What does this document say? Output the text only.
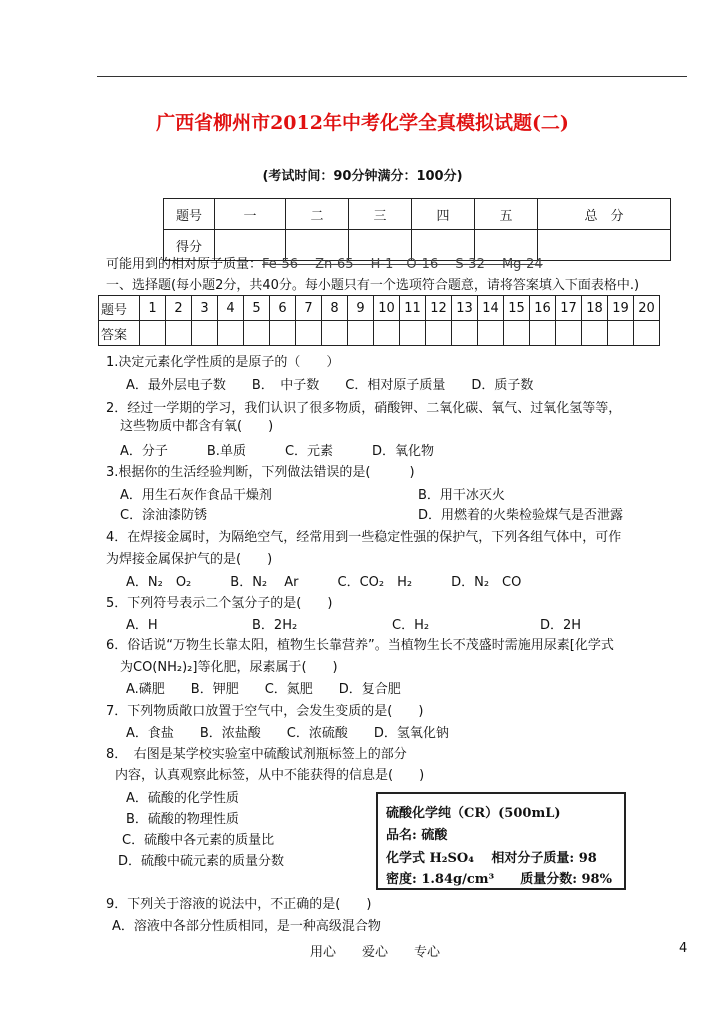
广西省柳州市2012年中考化学全真模拟试题(二)
(考试时间：90分钟满分：100分)
题号	一	二	三	四	五	总　分
得分						
可能用到的相对原子质量：Fe-56　 Zn-65　 H-1　O-16　 S-32　 Mg-24
一、选择题(每小题2分，共40分。每小题只有一个选项符合题意，请将答案填入下面表格中.)
题号	1	2	3	4	5	6	7	8	9	10	11	12	13	14	15	16	17	18	19	20
答案																				
1.决定元素化学性质的是原子的（　　）
A．最外层电子数　　B．　中子数　　C．相对原子质量　　D．质子数
2．经过一学期的学习，我们认识了很多物质，硝酸钾、二氧化碳、氧气、过氧化氢等等，
这些物质中都含有氧(　　)
A．分子　　　B.单质　　　C．元素　　　D．氧化物
3.根据你的生活经验判断，下列做法错误的是(　　　)
A．用生石灰作食品干燥剂	B．用干冰灭火
C．涂油漆防锈	D．用燃着的火柴检验煤气是否泄露
4．在焊接金属时，为隔绝空气，经常用到一些稳定性强的保护气，下列各组气体中，可作
为焊接金属保护气的是(　　)
A．N₂　O₂　　　B．N₂　 Ar　　　C．CO₂　H₂　　　D．N₂　CO
5．下列符号表示二个氢分子的是(　　)
A．H	B．2H₂	C．H₂	D．2H
6．俗话说“万物生长靠太阳，植物生长靠营养”。当植物生长不茂盛时需施用尿素[化学式
为CO(NH₂)₂]等化肥，尿素属于(　　)
A.磷肥　　B．钾肥　　C．氮肥　　D．复合肥
7．下列物质敞口放置于空气中，会发生变质的是(　　)
A．食盐　　B．浓盐酸　　C．浓硫酸　　D．氢氧化钠
8．　右图是某学校实验室中硫酸试剂瓶标签上的部分
内容，认真观察此标签，从中不能获得的信息是(　　)
A．硫酸的化学性质
B．硫酸的物理性质
C．硫酸中各元素的质量比
D．硫酸中硫元素的质量分数
硫酸化学纯（CR）(500mL)
品名: 硫酸
化学式 H₂SO₄　 相对分子质量: 98
密度: 1.84g/cm³　　质量分数: 98%
9．下列关于溶液的说法中，不正确的是(　　)
A．溶液中各部分性质相同，是一种高级混合物
用心　　爱心　　专心	4
